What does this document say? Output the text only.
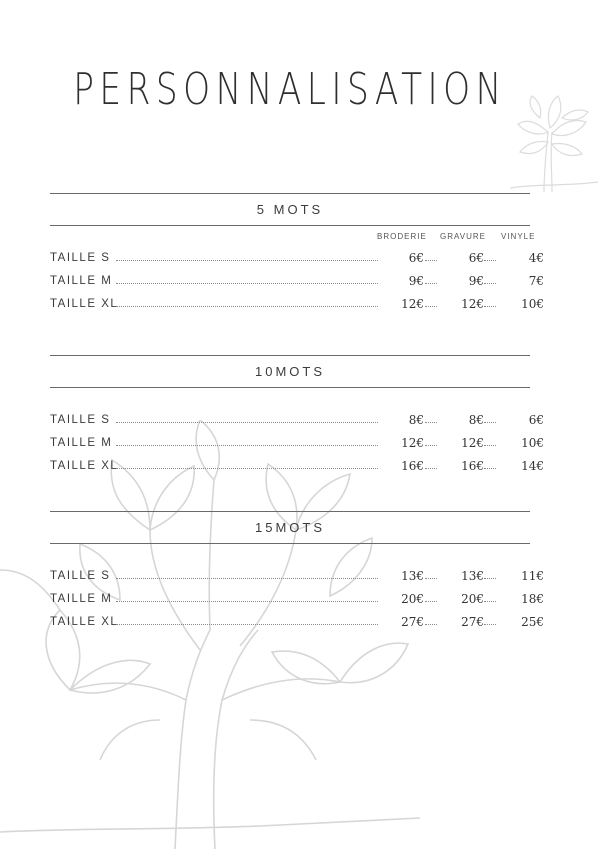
PERSONNALISATION
5 MOTS
BRODERIE GRAVURE VINYLE
TAILLE S	6€	6€	4€
TAILLE M	9€	9€	7€
TAILLE XL	12€	12€	10€
10MOTS
TAILLE S	8€	8€	6€
TAILLE M	12€	12€	10€
TAILLE XL	16€	16€	14€
15MOTS
TAILLE S	13€	13€	11€
TAILLE M	20€	20€	18€
TAILLE XL	27€	27€	25€
